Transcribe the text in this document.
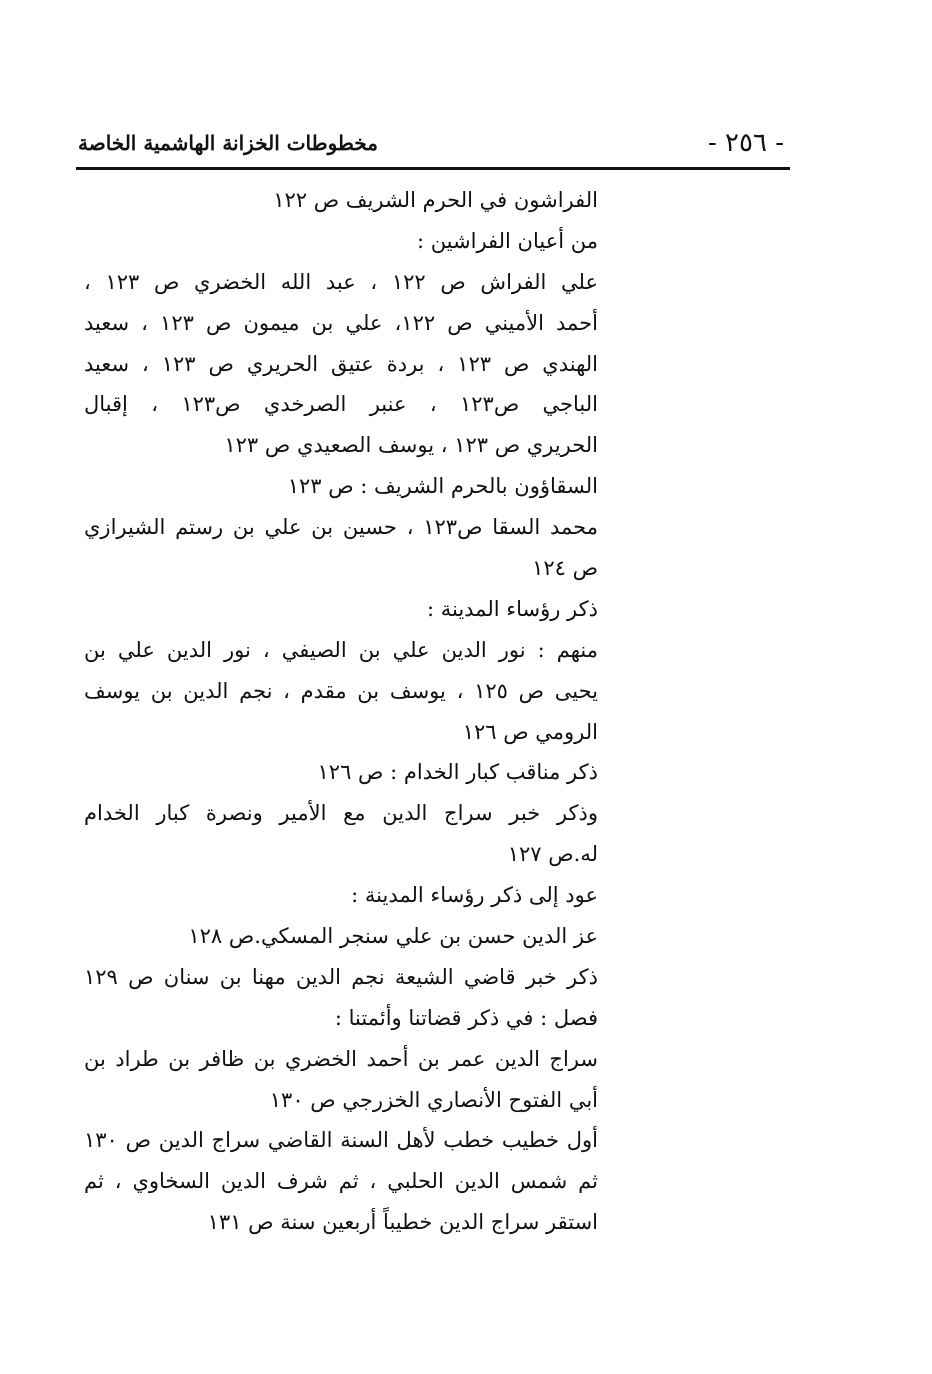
- ٢٥٦ -
مخطوطات الخزانة الهاشمية الخاصة
الفراشون في الحرم الشريف ص ١٢٢
من أعيان الفراشين :
علي الفراش ص ١٢٢ ، عبد الله الخضري ص ١٢٣ ،
أحمد الأميني ص ١٢٢، علي بن ميمون ص ١٢٣ ، سعيد
الهندي ص ١٢٣ ، بردة عتيق الحريري ص ١٢٣ ، سعيد
الباجي ص١٢٣ ، عنبر الصرخدي ص١٢٣ ، إقبال
الحريري ص ١٢٣ ، يوسف الصعيدي ص ١٢٣
السقاؤون بالحرم الشريف : ص ١٢٣
محمد السقا ص١٢٣ ، حسين بن علي بن رستم الشيرازي
ص ١٢٤
ذكر رؤساء المدينة :
منهم : نور الدين علي بن الصيفي ، نور الدين علي بن
يحيى ص ١٢٥ ، يوسف بن مقدم ، نجم الدين بن يوسف
الرومي ص ١٢٦
ذكر مناقب كبار الخدام : ص ١٢٦
وذكر خبر سراج الدين مع الأمير ونصرة كبار الخدام
له.ص ١٢٧
عود إلى ذكر رؤساء المدينة :
عز الدين حسن بن علي سنجر المسكي.ص ١٢٨
ذكر خبر قاضي الشيعة نجم الدين مهنا بن سنان ص ١٢٩
فصل : في ذكر قضاتنا وأئمتنا :
سراج الدين عمر بن أحمد الخضري بن ظافر بن طراد بن
أبي الفتوح الأنصاري الخزرجي ص ١٣٠
أول خطيب خطب لأهل السنة القاضي سراج الدين ص ١٣٠
ثم شمس الدين الحلبي ، ثم شرف الدين السخاوي ، ثم
استقر سراج الدين خطيباً أربعين سنة ص ١٣١
